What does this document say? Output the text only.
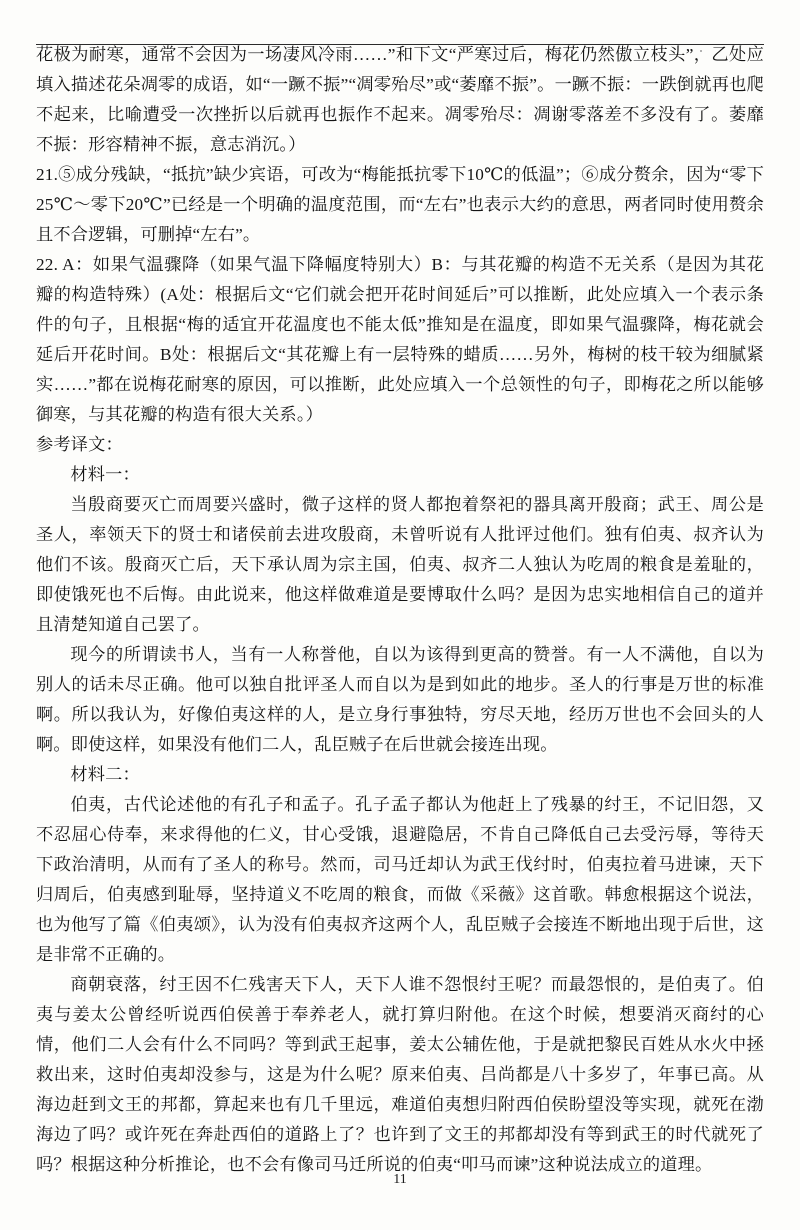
花极为耐寒，通常不会因为一场凄风冷雨……”和下文“严寒过后，梅花仍然傲立枝头”，乙处应填入描述花朵凋零的成语，如“一蹶不振”“凋零殆尽”或“萎靡不振”。一蹶不振：一跌倒就再也爬不起来，比喻遭受一次挫折以后就再也振作不起来。凋零殆尽：凋谢零落差不多没有了。萎靡不振：形容精神不振，意志消沉。）

21.⑤成分残缺，“抵抗”缺少宾语，可改为“梅能抵抗零下10℃的低温”；⑥成分赘余，因为“零下25℃～零下20℃”已经是一个明确的温度范围，而“左右”也表示大约的意思，两者同时使用赘余且不合逻辑，可删掉“左右”。

22. A：如果气温骤降（如果气温下降幅度特别大）B：与其花瓣的构造不无关系（是因为其花瓣的构造特殊）(A处：根据后文“它们就会把开花时间延后”可以推断，此处应填入一个表示条件的句子，且根据“梅的适宜开花温度也不能太低”推知是在温度，即如果气温骤降，梅花就会延后开花时间。B处：根据后文“其花瓣上有一层特殊的蜡质……另外，梅树的枝干较为细腻紧实……”都在说梅花耐寒的原因，可以推断，此处应填入一个总领性的句子，即梅花之所以能够御寒，与其花瓣的构造有很大关系。）

参考译文：

材料一：

当殷商要灭亡而周要兴盛时，微子这样的贤人都抱着祭祀的器具离开殷商；武王、周公是圣人，率领天下的贤士和诸侯前去进攻殷商，未曾听说有人批评过他们。独有伯夷、叔齐认为他们不该。殷商灭亡后，天下承认周为宗主国，伯夷、叔齐二人独认为吃周的粮食是羞耻的，即使饿死也不后悔。由此说来，他这样做难道是要博取什么吗？是因为忠实地相信自己的道并且清楚知道自己罢了。

现今的所谓读书人，当有一人称誉他，自以为该得到更高的赞誉。有一人不满他，自以为别人的话未尽正确。他可以独自批评圣人而自以为是到如此的地步。圣人的行事是万世的标准啊。所以我认为，好像伯夷这样的人，是立身行事独特，穷尽天地，经历万世也不会回头的人啊。即使这样，如果没有他们二人，乱臣贼子在后世就会接连出现。

材料二：

伯夷，古代论述他的有孔子和孟子。孔子孟子都认为他赶上了残暴的纣王，不记旧怨，又不忍屈心侍奉，来求得他的仁义，甘心受饿，退避隐居，不肯自己降低自己去受污辱，等待天下政治清明，从而有了圣人的称号。然而，司马迁却认为武王伐纣时，伯夷拉着马进谏，天下归周后，伯夷感到耻辱，坚持道义不吃周的粮食，而做《采薇》这首歌。韩愈根据这个说法，也为他写了篇《伯夷颂》，认为没有伯夷叔齐这两个人，乱臣贼子会接连不断地出现于后世，这是非常不正确的。

商朝衰落，纣王因不仁残害天下人，天下人谁不怨恨纣王呢？而最怨恨的，是伯夷了。伯夷与姜太公曾经听说西伯侯善于奉养老人，就打算归附他。在这个时候，想要消灭商纣的心情，他们二人会有什么不同吗？等到武王起事，姜太公辅佐他，于是就把黎民百姓从水火中拯救出来，这时伯夷却没参与，这是为什么呢？原来伯夷、吕尚都是八十多岁了，年事已高。从海边赶到文王的邦都，算起来也有几千里远，难道伯夷想归附西伯侯盼望没等实现，就死在渤海边了吗？或许死在奔赴西伯的道路上了？也许到了文王的邦都却没有等到武王的时代就死了吗？根据这种分析推论，也不会有像司马迁所说的伯夷“叩马而谏”这种说法成立的道理。

11
